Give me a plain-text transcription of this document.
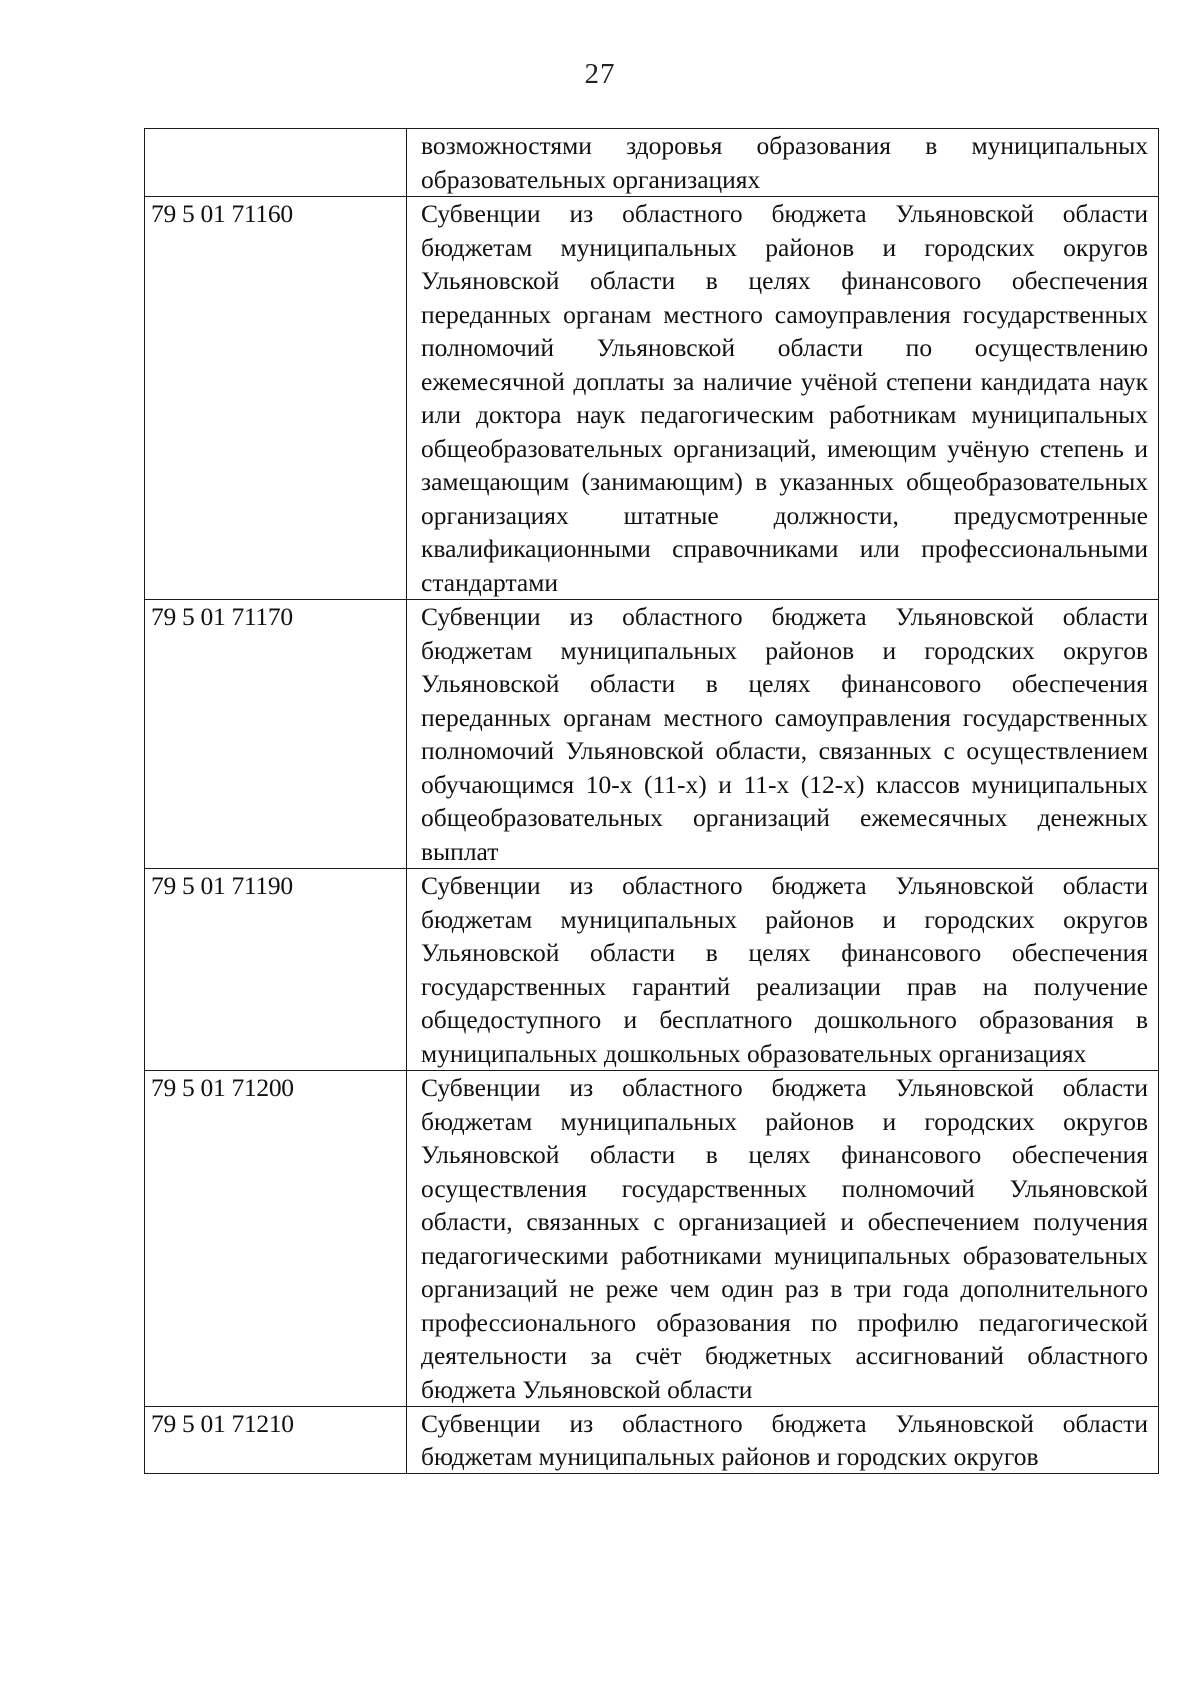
27
	возможностями здоровья образования в муниципальных образовательных организациях
79 5 01 71160	Субвенции из областного бюджета Ульяновской области бюджетам муниципальных районов и городских округов Ульяновской области в целях финансового обеспечения переданных органам местного самоуправления государственных полномочий Ульяновской области по осуществлению ежемесячной доплаты за наличие учёной степени кандидата наук или доктора наук педагогическим работникам муниципальных общеобразовательных организаций, имеющим учёную степень и замещающим (занимающим) в указанных общеобразовательных организациях штатные должности, предусмотренные квалификационными справочниками или профессиональными стандартами
79 5 01 71170	Субвенции из областного бюджета Ульяновской области бюджетам муниципальных районов и городских округов Ульяновской области в целях финансового обеспечения переданных органам местного самоуправления государственных полномочий Ульяновской области, связанных с осуществлением обучающимся 10-х (11-х) и 11-х (12-х) классов муниципальных общеобразовательных организаций ежемесячных денежных выплат
79 5 01 71190	Субвенции из областного бюджета Ульяновской области бюджетам муниципальных районов и городских округов Ульяновской области в целях финансового обеспечения государственных гарантий реализации прав на получение общедоступного и бесплатного дошкольного образования в муниципальных дошкольных образовательных организациях
79 5 01 71200	Субвенции из областного бюджета Ульяновской области бюджетам муниципальных районов и городских округов Ульяновской области в целях финансового обеспечения осуществления государственных полномочий Ульяновской области, связанных с организацией и обеспечением получения педагогическими работниками муниципальных образовательных организаций не реже чем один раз в три года дополнительного профессионального образования по профилю педагогической деятельности за счёт бюджетных ассигнований областного бюджета Ульяновской области
79 5 01 71210	Субвенции из областного бюджета Ульяновской области бюджетам муниципальных районов и городских округов
